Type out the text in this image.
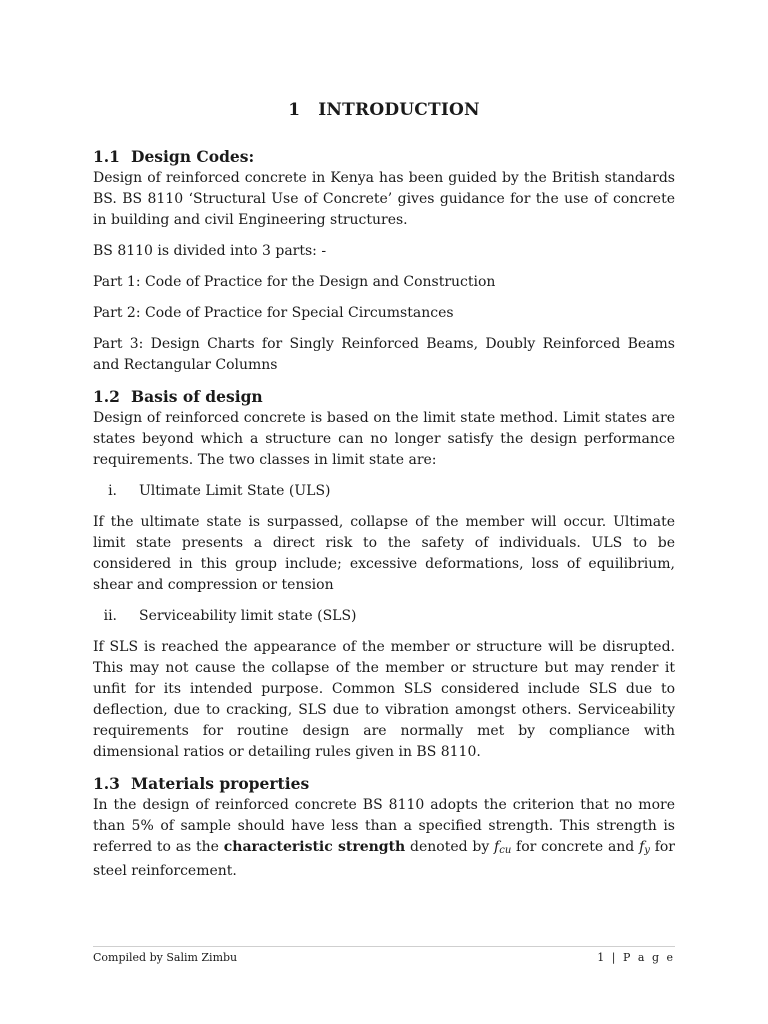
1 INTRODUCTION
1.1 Design Codes:

Design of reinforced concrete in Kenya has been guided by the British standards BS. BS 8110 ‘Structural Use of Concrete’ gives guidance for the use of concrete in building and civil Engineering structures.

BS 8110 is divided into 3 parts: -

Part 1: Code of Practice for the Design and Construction

Part 2: Code of Practice for Special Circumstances

Part 3: Design Charts for Singly Reinforced Beams, Doubly Reinforced Beams and Rectangular Columns

1.2 Basis of design

Design of reinforced concrete is based on the limit state method. Limit states are states beyond which a structure can no longer satisfy the design performance requirements. The two classes in limit state are:

i. Ultimate Limit State (ULS)

If the ultimate state is surpassed, collapse of the member will occur. Ultimate limit state presents a direct risk to the safety of individuals. ULS to be considered in this group include; excessive deformations, loss of equilibrium, shear and compression or tension

ii. Serviceability limit state (SLS)

If SLS is reached the appearance of the member or structure will be disrupted. This may not cause the collapse of the member or structure but may render it unfit for its intended purpose. Common SLS considered include SLS due to deflection, due to cracking, SLS due to vibration amongst others. Serviceability requirements for routine design are normally met by compliance with dimensional ratios or detailing rules given in BS 8110.

1.3 Materials properties

In the design of reinforced concrete BS 8110 adopts the criterion that no more than 5% of sample should have less than a specified strength. This strength is referred to as the characteristic strength denoted by $f_{cu}$ for concrete and $f_y$ for steel reinforcement.

Compiled by Salim Zimbu	1 | P a g e
